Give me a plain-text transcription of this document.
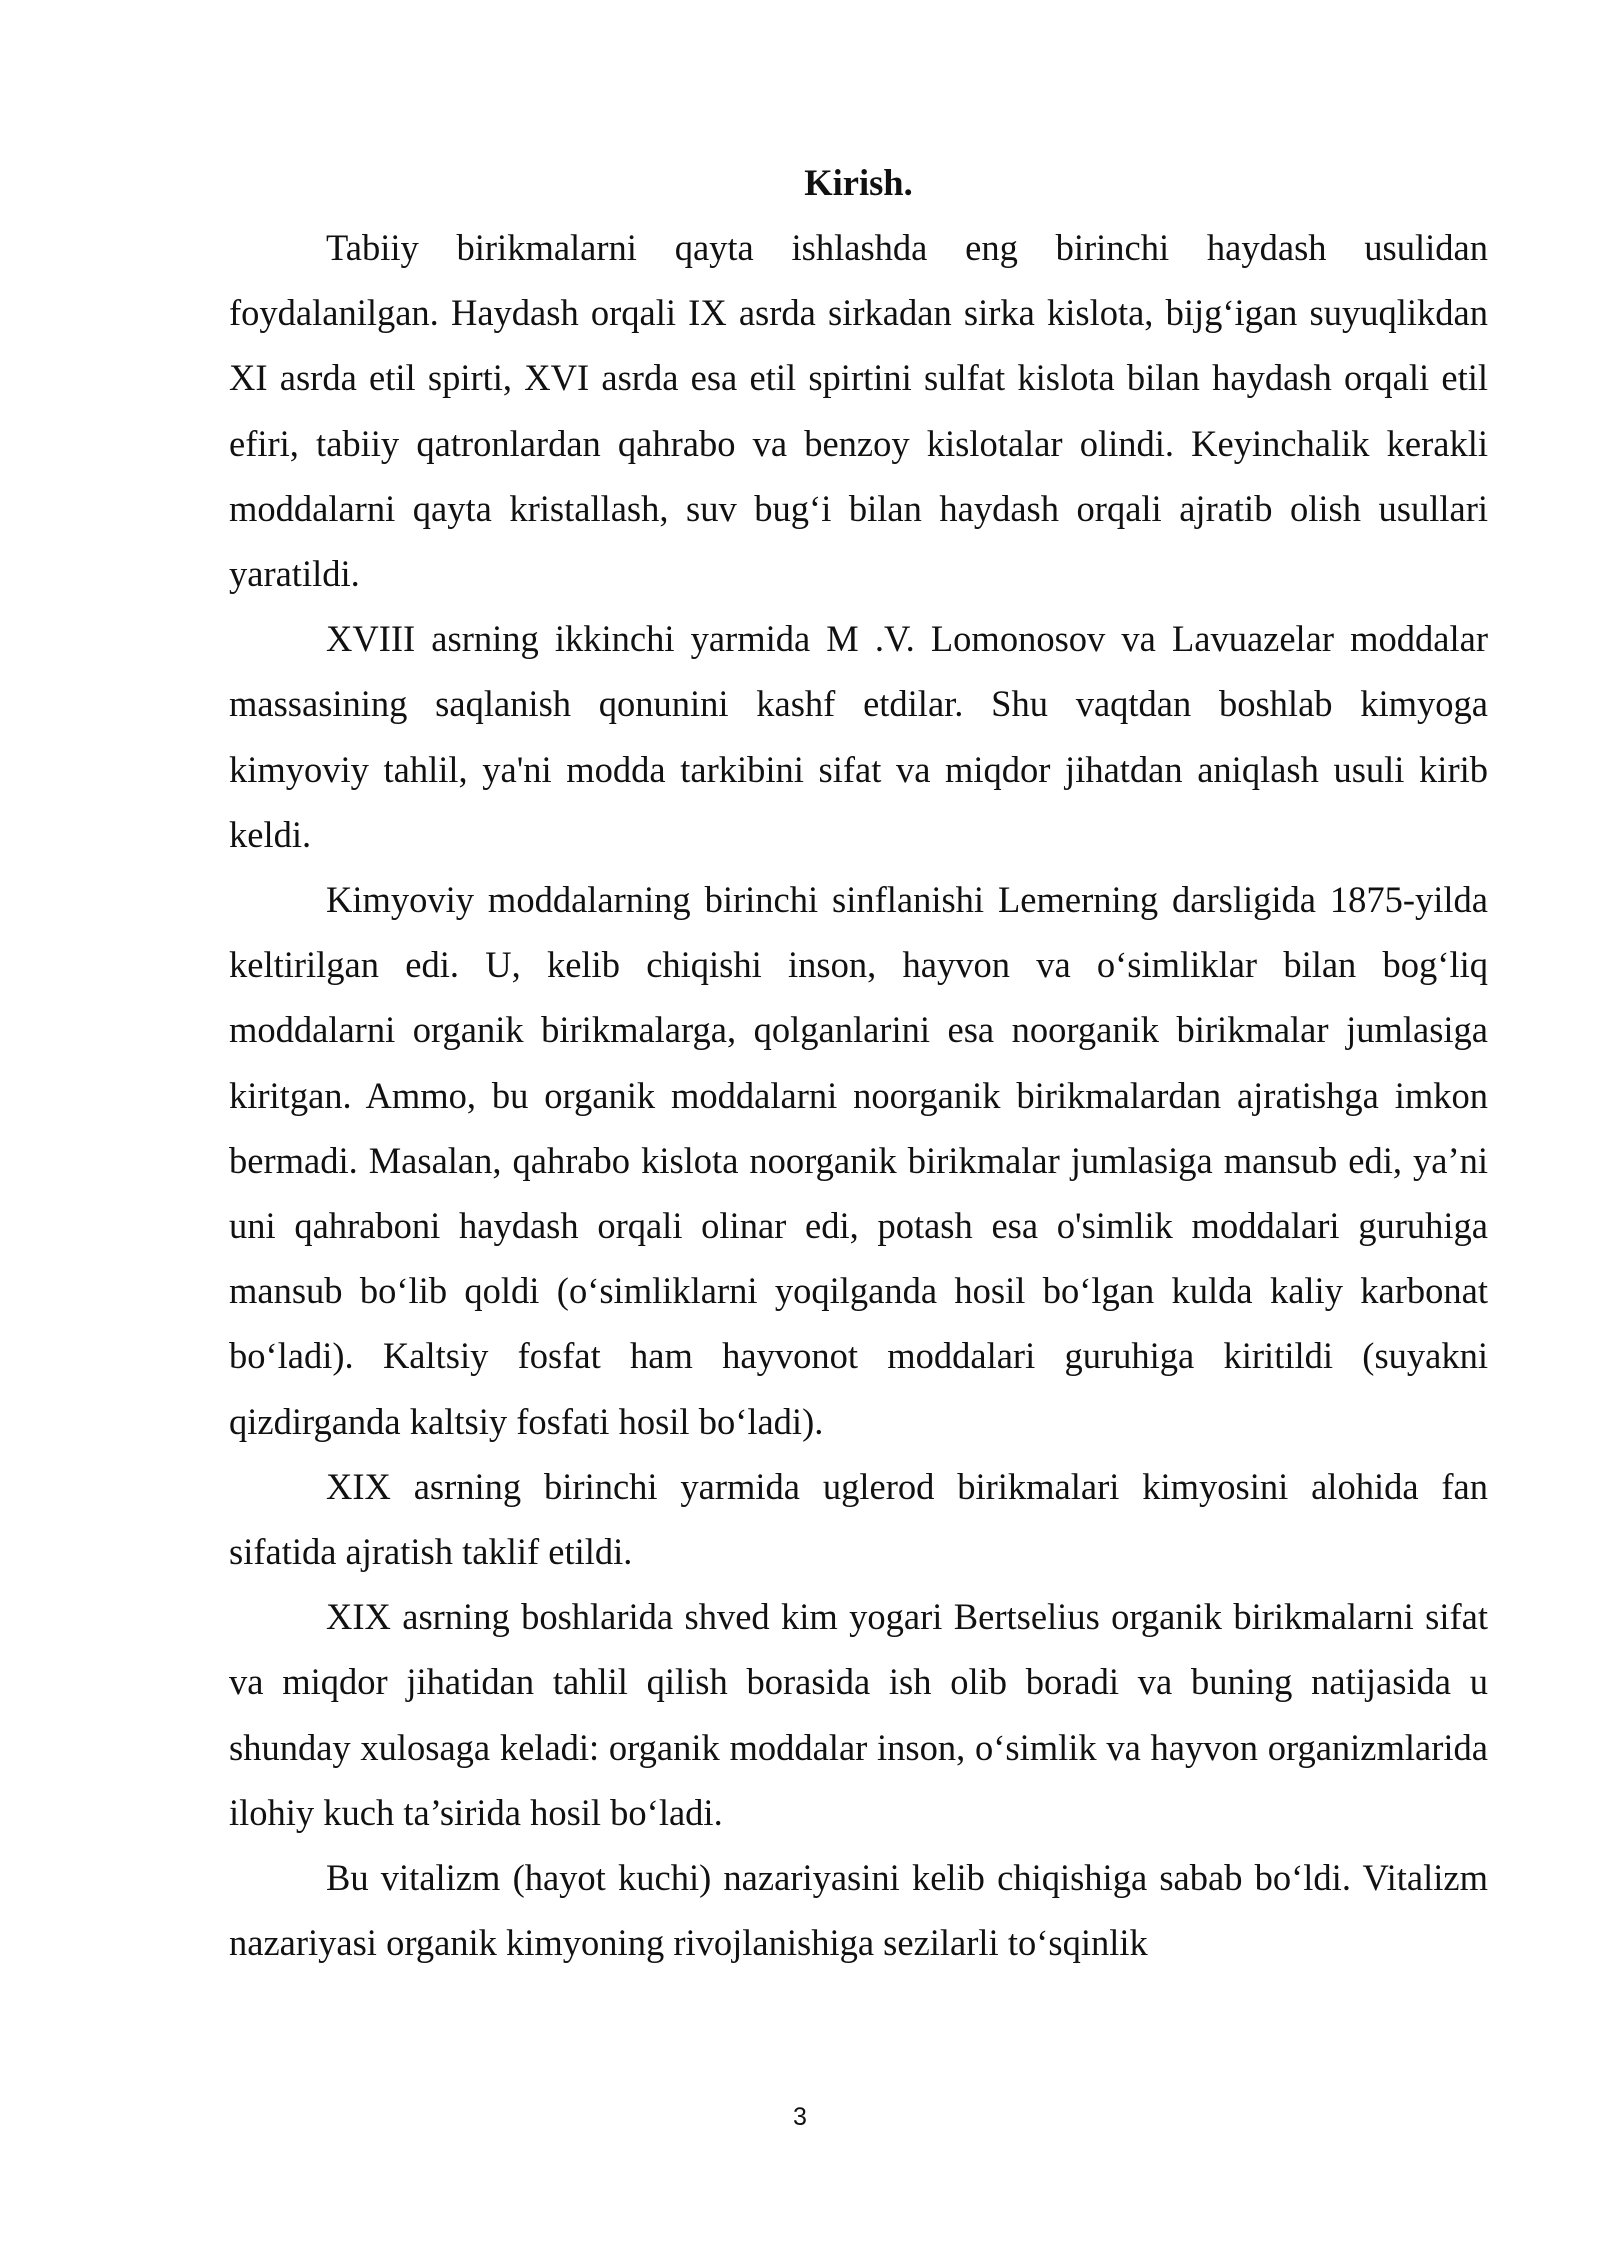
Kirish.

Tabiiy birikmalarni qayta ishlashda eng birinchi haydash usulidan foydalanilgan. Haydash orqali IX asrda sirkadan sirka kislota, bijg‘igan suyuqlikdan XI asrda etil spirti, XVI asrda esa etil spirtini sulfat kislota bilan haydash orqali etil efiri, tabiiy qatronlardan qahrabo va benzoy kislotalar olindi. Keyinchalik kerakli moddalarni qayta kristallash, suv bug‘i bilan haydash orqali ajratib olish usullari yaratildi.

XVIII asrning ikkinchi yarmida M .V. Lomonosov va Lavuazelar moddalar massasining saqlanish qonunini kashf etdilar. Shu vaqtdan boshlab kimyoga kimyoviy tahlil, ya'ni modda tarkibini sifat va miqdor jihatdan aniqlash usuli kirib keldi.

Kimyoviy moddalarning birinchi sinflanishi Lemerning darsligida 1875-yilda keltirilgan edi. U, kelib chiqishi inson, hayvon va o‘simliklar bilan bog‘liq moddalarni organik birikmalarga, qolganlarini esa noorganik birikmalar jumlasiga kiritgan. Ammo, bu organik moddalarni noorganik birikmalardan ajratishga imkon bermadi. Masalan, qahrabo kislota noorganik birikmalar jumlasiga mansub edi, ya’ni uni qahraboni haydash orqali olinar edi, potash esa o'simlik moddalari guruhiga mansub bo‘lib qoldi (o‘simliklarni yoqilganda hosil bo‘lgan kulda kaliy karbonat bo‘ladi). Kaltsiy fosfat ham hayvonot moddalari guruhiga kiritildi (suyakni qizdirganda kaltsiy fosfati hosil bo‘ladi).

XIX asrning birinchi yarmida uglerod birikmalari kimyosini alohida fan sifatida ajratish taklif etildi.

XIX asrning boshlarida shved kim yogari Bertselius organik birikmalarni sifat va miqdor jihatidan tahlil qilish borasida ish olib boradi va buning natijasida u shunday xulosaga keladi: organik moddalar inson, o‘simlik va hayvon organizmlarida ilohiy kuch ta’sirida hosil bo‘ladi.

Bu vitalizm (hayot kuchi) nazariyasini kelib chiqishiga sabab bo‘ldi. Vitalizm nazariyasi organik kimyoning rivojlanishiga sezilarli to‘sqinlik

3
